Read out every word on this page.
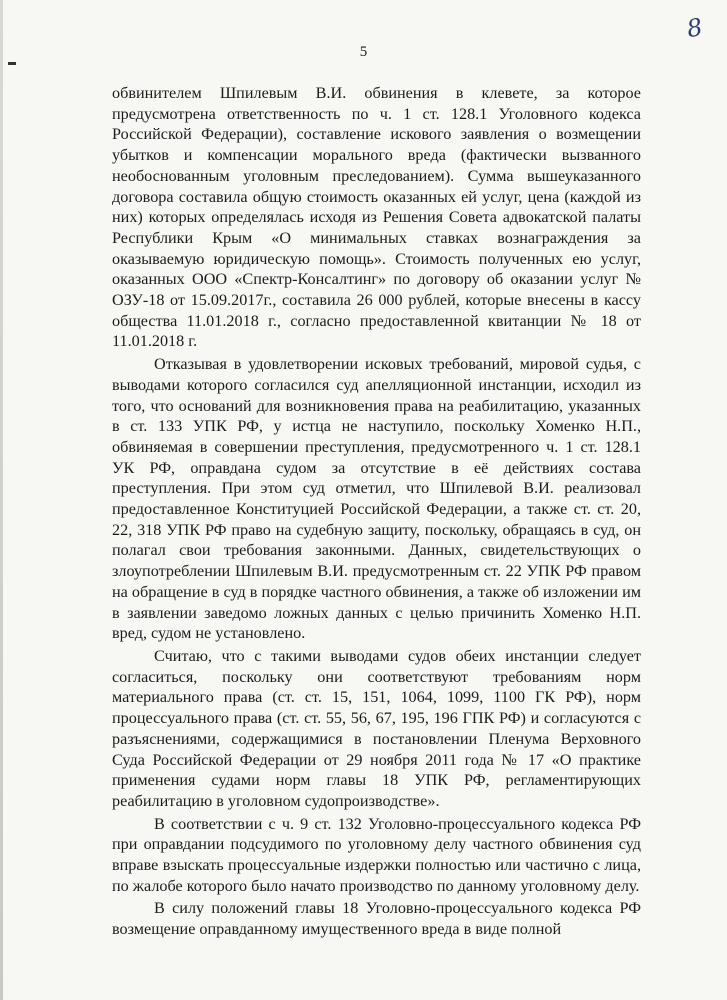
8
5

обвинителем Шпилевым В.И. обвинения в клевете, за которое предусмотрена ответственность по ч. 1 ст. 128.1 Уголовного кодекса Российской Федерации), составление искового заявления о возмещении убытков и компенсации морального вреда (фактически вызванного необоснованным уголовным преследованием). Сумма вышеуказанного договора составила общую стоимость оказанных ей услуг, цена (каждой из них) которых определялась исходя из Решения Совета адвокатской палаты Республики Крым «О минимальных ставках вознаграждения за оказываемую юридическую помощь». Стоимость полученных ею услуг, оказанных ООО «Спектр-Консалтинг» по договору об оказании услуг № ОЗУ-18 от 15.09.2017г., составила 26 000 рублей, которые внесены в кассу общества 11.01.2018 г., согласно предоставленной квитанции № 18 от 11.01.2018 г.

Отказывая в удовлетворении исковых требований, мировой судья, с выводами которого согласился суд апелляционной инстанции, исходил из того, что оснований для возникновения права на реабилитацию, указанных в ст. 133 УПК РФ, у истца не наступило, поскольку Хоменко Н.П., обвиняемая в совершении преступления, предусмотренного ч. 1 ст. 128.1 УК РФ, оправдана судом за отсутствие в её действиях состава преступления. При этом суд отметил, что Шпилевой В.И. реализовал предоставленное Конституцией Российской Федерации, а также ст. ст. 20, 22, 318 УПК РФ право на судебную защиту, поскольку, обращаясь в суд, он полагал свои требования законными. Данных, свидетельствующих о злоупотреблении Шпилевым В.И. предусмотренным ст. 22 УПК РФ правом на обращение в суд в порядке частного обвинения, а также об изложении им в заявлении заведомо ложных данных с целью причинить Хоменко Н.П. вред, судом не установлено.

Считаю, что с такими выводами судов обеих инстанции следует согласиться, поскольку они соответствуют требованиям норм материального права (ст. ст. 15, 151, 1064, 1099, 1100 ГК РФ), норм процессуального права (ст. ст. 55, 56, 67, 195, 196 ГПК РФ) и согласуются с разъяснениями, содержащимися в постановлении Пленума Верховного Суда Российской Федерации от 29 ноября 2011 года № 17 «О практике применения судами норм главы 18 УПК РФ, регламентирующих реабилитацию в уголовном судопроизводстве».

В соответствии с ч. 9 ст. 132 Уголовно-процессуального кодекса РФ при оправдании подсудимого по уголовному делу частного обвинения суд вправе взыскать процессуальные издержки полностью или частично с лица, по жалобе которого было начато производство по данному уголовному делу.

В силу положений главы 18 Уголовно-процессуального кодекса РФ возмещение оправданному имущественного вреда в виде полной
